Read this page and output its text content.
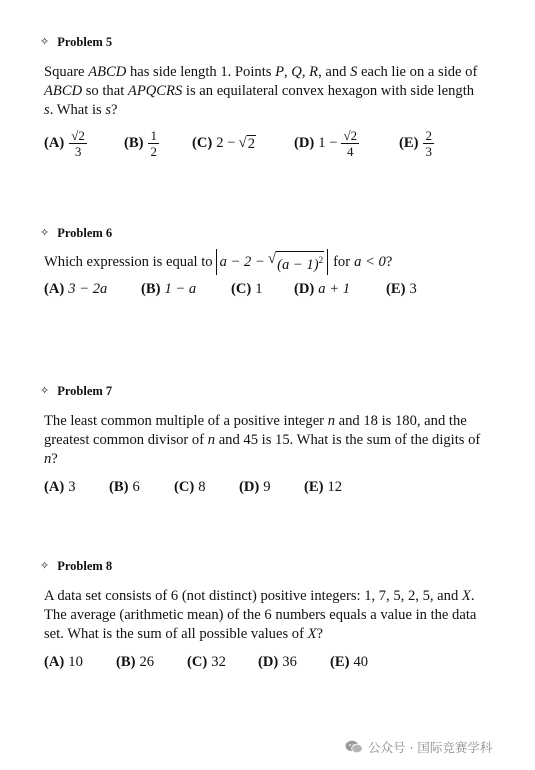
✧ Problem 5
Square ABCD has side length 1. Points P, Q, R, and S each lie on a side of ABCD so that APQCRS is an equilateral convex hexagon with side length s. What is s?
$(A) \frac{√2}{3}$	$(B) \frac{1}{2} (C) 2$ − √ 2	(D) $1 - \frac{√2}{4}$	$(E) \frac{2}{3}$
✧ Problem 6
Which expression is equal to a − 2 − √ $(a - 1)^2$ for a < 0 ?
(A) 3 − 2a (B) 1 − a (C) 1 (D) a + 1 (E) 3
✧ Problem 7
The least common multiple of a positive integer n and 18 is 180, and the greatest common divisor of n and 45 is 15. What is the sum of the digits of n?
(A) 3 (B) 6 (C) 8 (D) 9 (E) 12
✧ Problem 8
A data set consists of 6 (not distinct) positive integers: 1, 7, 5, 2, 5, and X. The average (arithmetic mean) of the 6 numbers equals a value in the data set. What is the sum of all possible values of X?
(A) 10 (B) 26 (C) 32 (D) 36 (E) 40
公众号 · 国际竞赛学科
